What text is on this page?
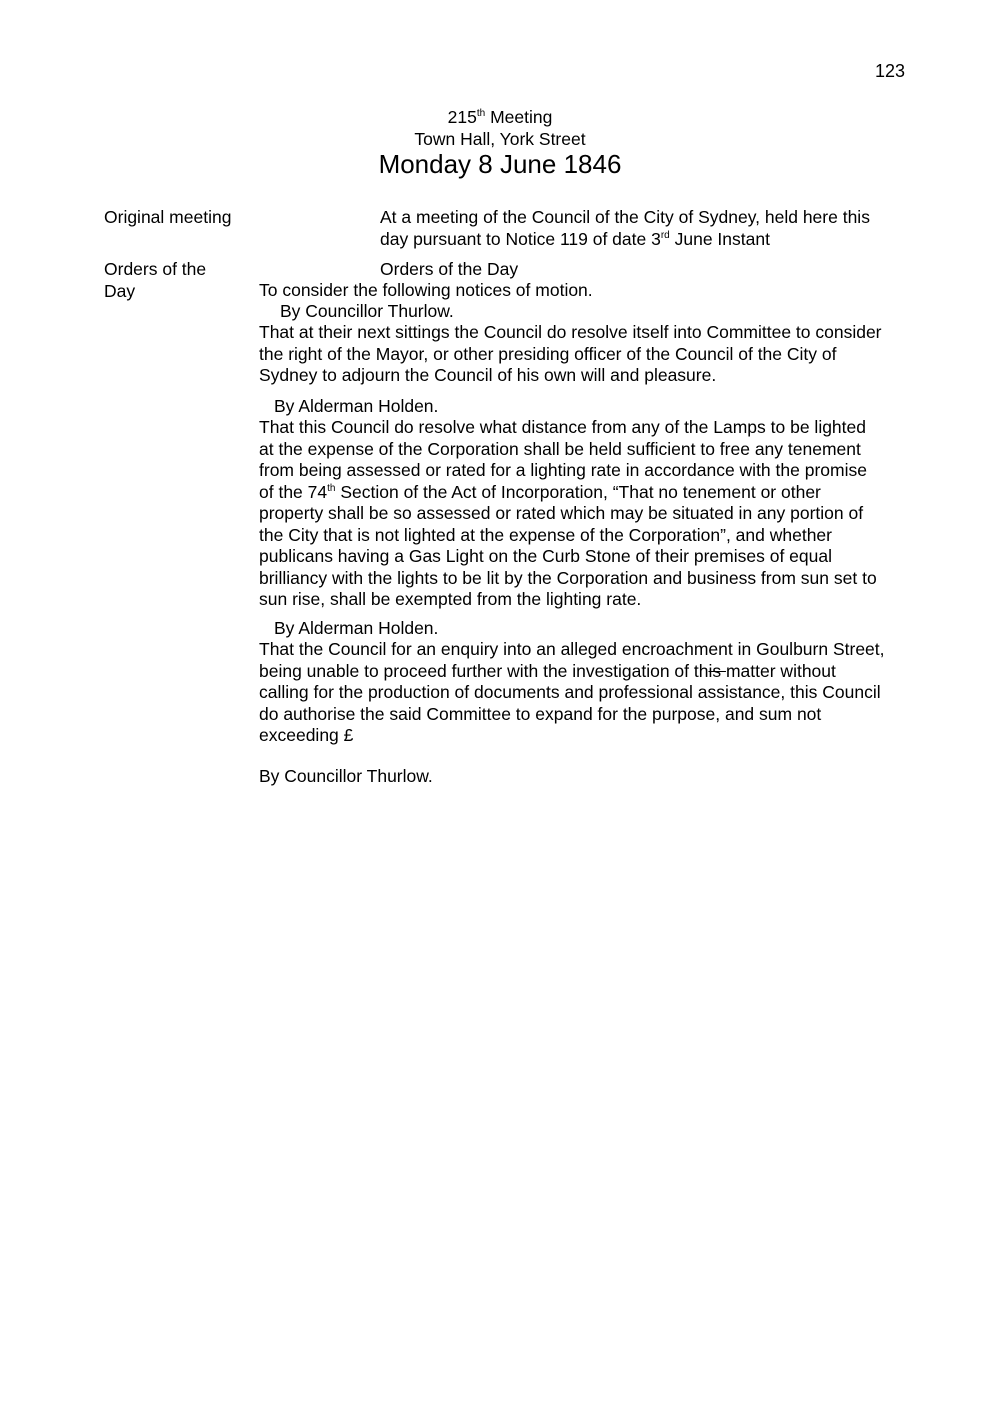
123
215th Meeting
Town Hall, York Street
Monday 8 June 1846
Original meeting	At a meeting of the Council of the City of Sydney, held here this
day pursuant to Notice 119 of date 3rd June Instant
Orders of the
Day
Orders of the Day
To consider the following notices of motion.
By Councillor Thurlow.
That at their next sittings the Council do resolve itself into Committee to consider
the right of the Mayor, or other presiding officer of the Council of the City of
Sydney to adjourn the Council of his own will and pleasure.
By Alderman Holden.
That this Council do resolve what distance from any of the Lamps to be lighted
at the expense of the Corporation shall be held sufficient to free any tenement
from being assessed or rated for a lighting rate in accordance with the promise
of the 74th Section of the Act of Incorporation, “That no tenement or other
property shall be so assessed or rated which may be situated in any portion of
the City that is not lighted at the expense of the Corporation”, and whether
publicans having a Gas Light on the Curb Stone of their premises of equal
brilliancy with the lights to be lit by the Corporation and business from sun set to
sun rise, shall be exempted from the lighting rate.
By Alderman Holden.
That the Council for an enquiry into an alleged encroachment in Goulburn Street,
being unable to proceed further with the investigation of this matter without
calling for the production of documents and professional assistance, this Council
do authorise the said Committee to expand for the purpose, and sum not
exceeding £
By Councillor Thurlow.
